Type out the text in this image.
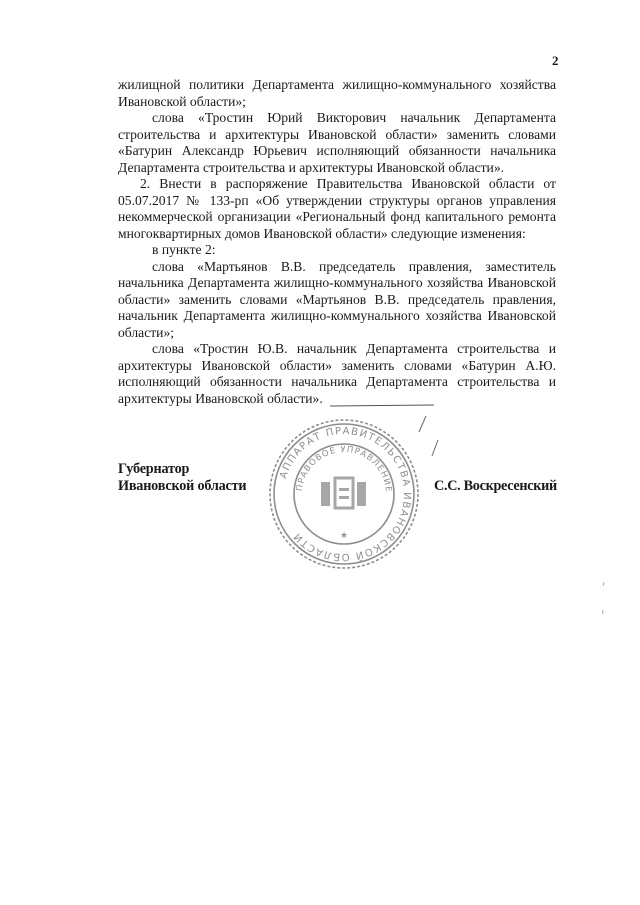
2

жилищной политики Департамента жилищно-коммунального хозяйства Ивановской области»;

слова «Тростин Юрий Викторович начальник Департамента строительства и архитектуры Ивановской области» заменить словами «Батурин Александр Юрьевич исполняющий обязанности начальника Департамента строительства и архитектуры Ивановской области».

2. Внести в распоряжение Правительства Ивановской области от 05.07.2017 № 133-рп «Об утверждении структуры органов управления некоммерческой организации «Региональный фонд капитального ремонта многоквартирных домов Ивановской области» следующие изменения:

в пункте 2:

слова «Мартьянов В.В. председатель правления, заместитель начальника Департамента жилищно-коммунального хозяйства Ивановской области» заменить словами «Мартьянов В.В. председатель правления, начальник Департамента жилищно-коммунального хозяйства Ивановской области»;

слова «Тростин Ю.В. начальник Департамента строительства и архитектуры Ивановской области» заменить словами «Батурин А.Ю. исполняющий обязанности начальника Департамента строительства и архитектуры Ивановской области».

Губернатор
Ивановской области	С.С. Воскресенский
АППАРАТ ПРАВИТЕЛЬСТВА ИВАНОВСКОЙ ОБЛАСТИ
ПРАВОВОЕ УПРАВЛЕНИЕ
★
